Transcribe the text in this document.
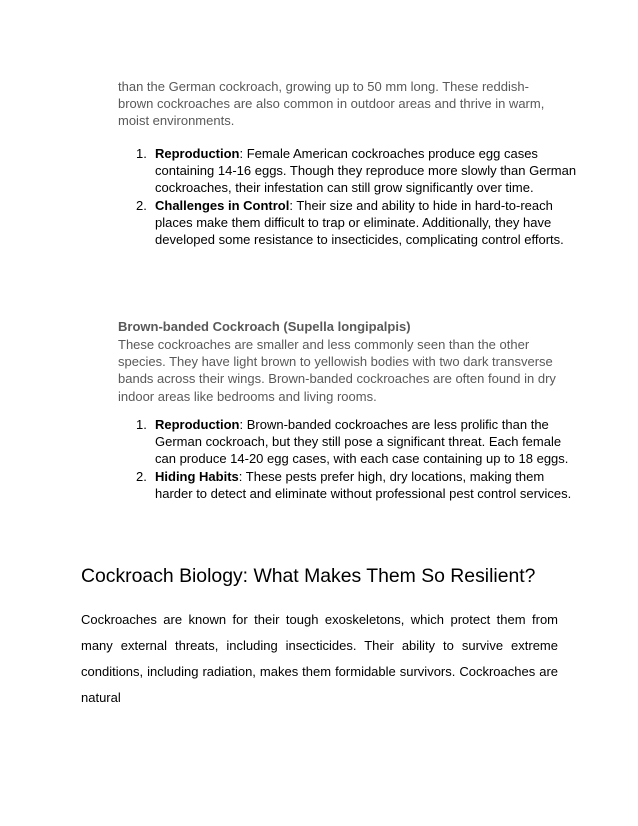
than the German cockroach, growing up to 50 mm long. These reddish-brown cockroaches are also common in outdoor areas and thrive in warm, moist environments.

1. Reproduction: Female American cockroaches produce egg cases containing 14-16 eggs. Though they reproduce more slowly than German cockroaches, their infestation can still grow significantly over time.
2. Challenges in Control: Their size and ability to hide in hard-to-reach places make them difficult to trap or eliminate. Additionally, they have developed some resistance to insecticides, complicating control efforts.
Brown-banded Cockroach (Supella longipalpis)

These cockroaches are smaller and less commonly seen than the other species. They have light brown to yellowish bodies with two dark transverse bands across their wings. Brown-banded cockroaches are often found in dry indoor areas like bedrooms and living rooms.

1. Reproduction: Brown-banded cockroaches are less prolific than the German cockroach, but they still pose a significant threat. Each female can produce 14-20 egg cases, with each case containing up to 18 eggs.
2. Hiding Habits: These pests prefer high, dry locations, making them harder to detect and eliminate without professional pest control services.
Cockroach Biology: What Makes Them So Resilient?

Cockroaches are known for their tough exoskeletons, which protect them from many external threats, including insecticides. Their ability to survive extreme conditions, including radiation, makes them formidable survivors. Cockroaches are natural
